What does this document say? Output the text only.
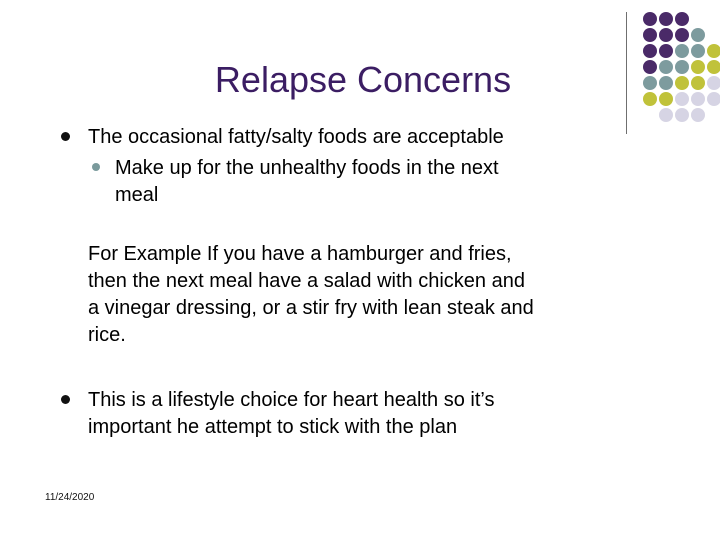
Relapse Concerns
The occasional fatty/salty foods are acceptable
Make up for the unhealthy foods in the next
meal
For Example If you have a hamburger and fries,
then the next meal have a salad with chicken and
a vinegar dressing, or a stir fry with lean steak and
rice.
This is a lifestyle choice for heart health so it’s
important he attempt to stick with the plan
11/24/2020
